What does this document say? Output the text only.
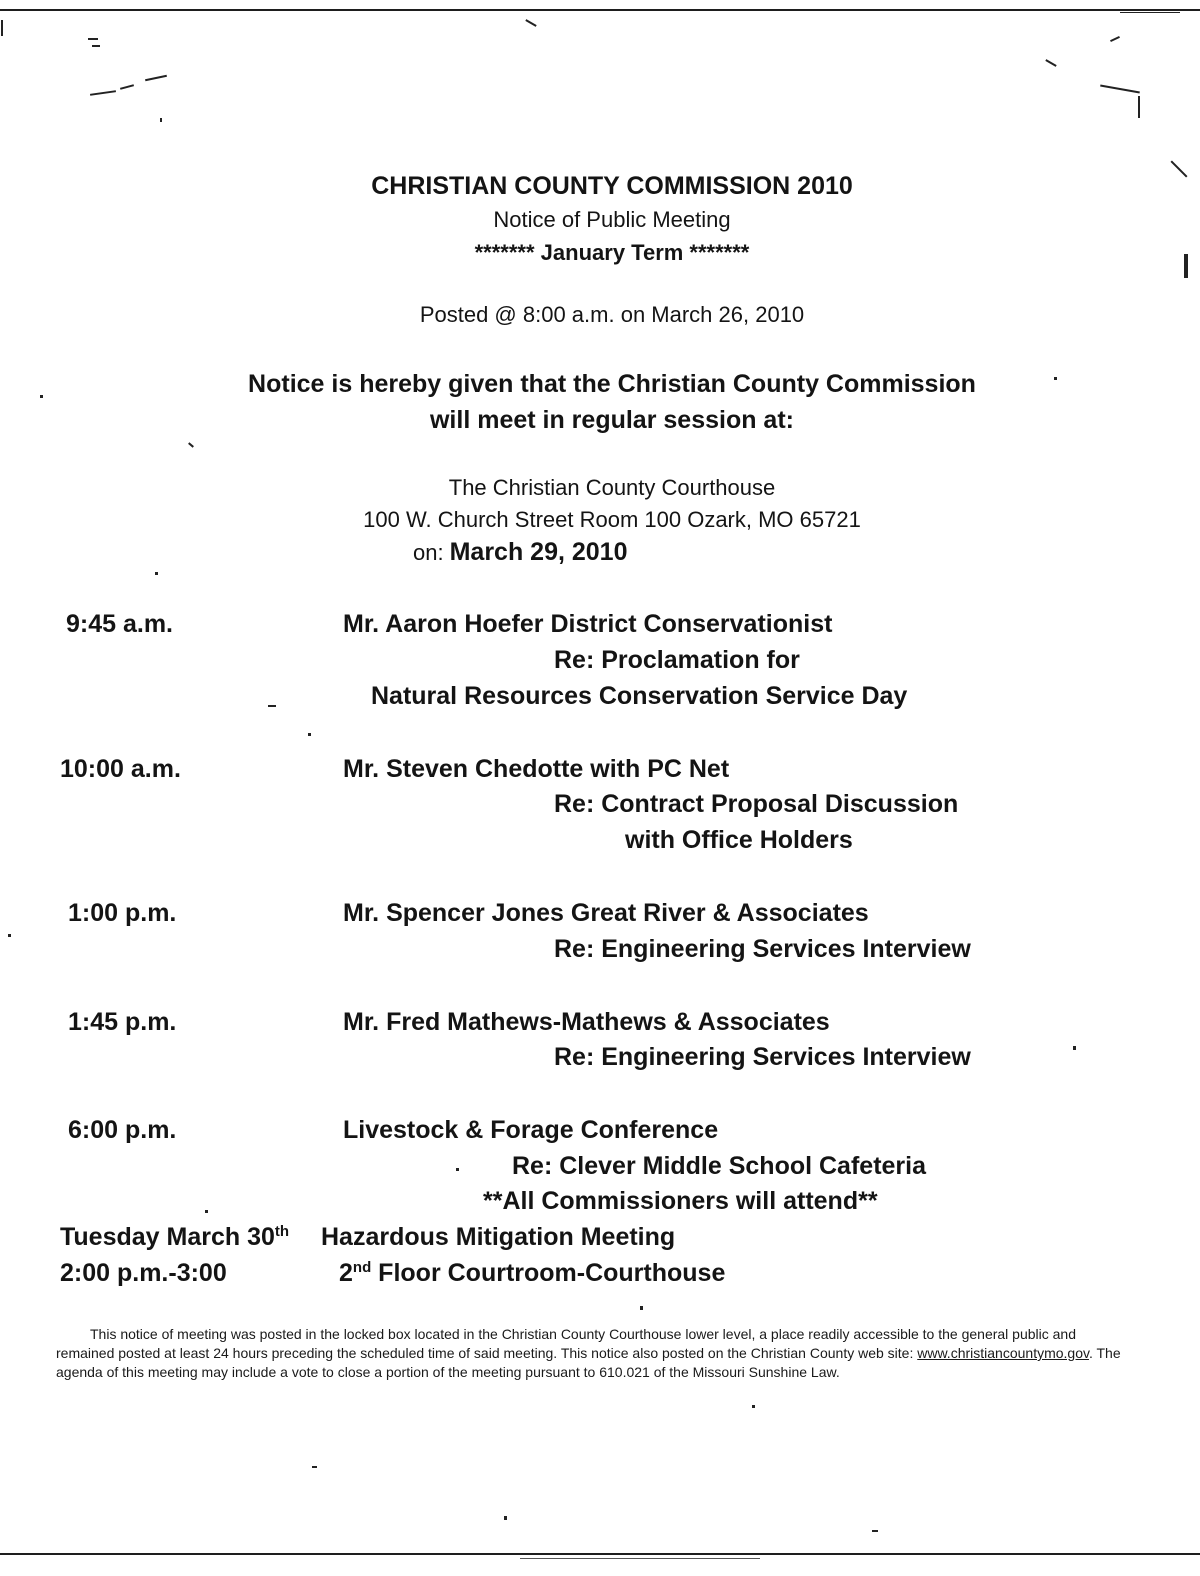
CHRISTIAN COUNTY COMMISSION 2010
Notice of Public Meeting
******* January Term *******
Posted @ 8:00 a.m. on March 26, 2010
Notice is hereby given that the Christian County Commission
will meet in regular session at:
The Christian County Courthouse
100 W. Church Street Room 100 Ozark, MO 65721
on: March 29, 2010
9:45 a.m.	Mr. Aaron Hoefer District Conservationist
Re: Proclamation for
Natural Resources Conservation Service Day
10:00 a.m.	Mr. Steven Chedotte with PC Net
Re: Contract Proposal Discussion
with Office Holders
1:00 p.m.	Mr. Spencer Jones Great River & Associates
Re: Engineering Services Interview
1:45 p.m.	Mr. Fred Mathews-Mathews & Associates
Re: Engineering Services Interview
6:00 p.m.	Livestock & Forage Conference
Re: Clever Middle School Cafeteria
**All Commissioners will attend**
Tuesday March 30th Hazardous Mitigation Meeting
2:00 p.m.-3:00	2nd Floor Courtroom-Courthouse
This notice of meeting was posted in the locked box located in the Christian County Courthouse lower level, a place readily accessible to the general public and remained posted at least 24 hours preceding the scheduled time of said meeting. This notice also posted on the Christian County web site: www.christiancountymo.gov. The agenda of this meeting may include a vote to close a portion of the meeting pursuant to 610.021 of the Missouri Sunshine Law.
